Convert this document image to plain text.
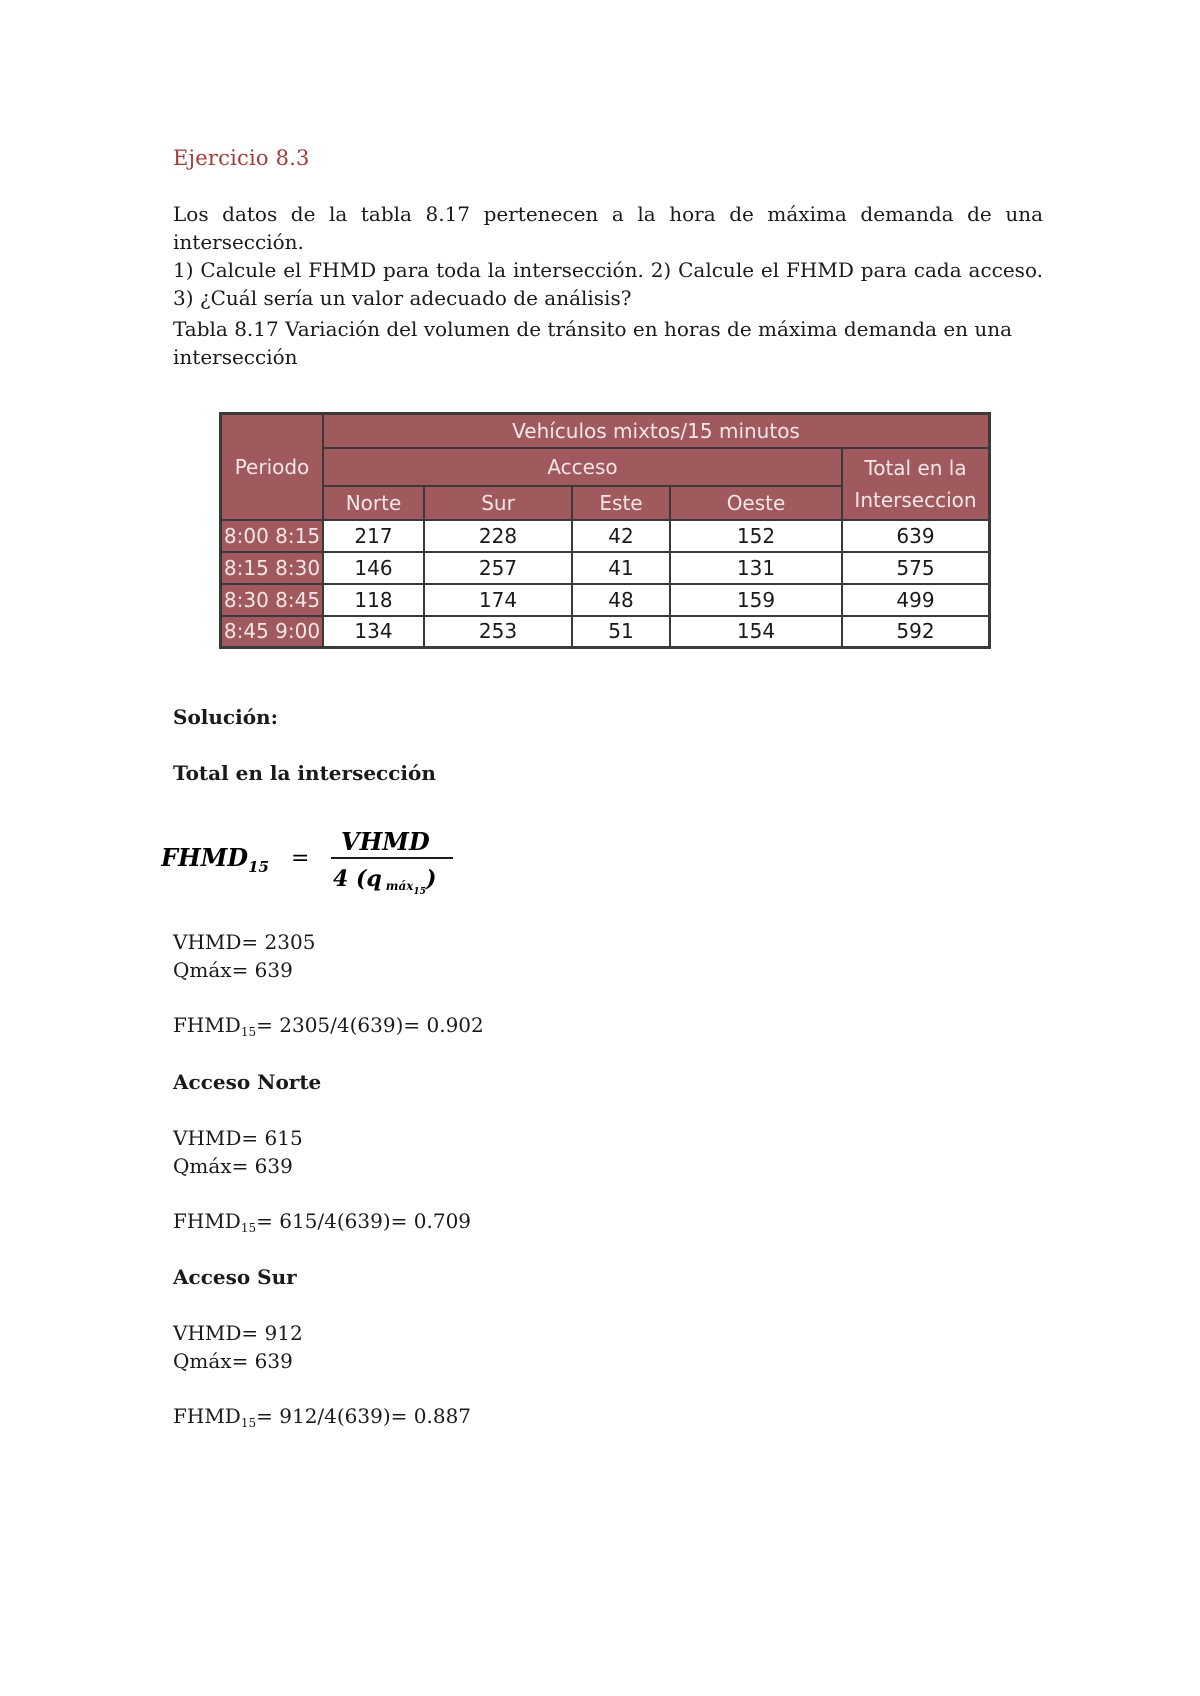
Ejercicio 8.3

Los datos de la tabla 8.17 pertenecen a la hora de máxima demanda de una intersección.

1) Calcule el FHMD para toda la intersección. 2) Calcule el FHMD para cada acceso.

3) ¿Cuál sería un valor adecuado de análisis?

Tabla 8.17 Variación del volumen de tránsito en horas de máxima demanda en una
intersección
Periodo	Vehículos mixtos/15 minutos				
	Acceso				Total en la
Interseccion

	Norte	Sur	Este	Oeste	
8:00 8:15	217	228	42	152	639
8:15 8:30	146	257	41	131	575
8:30 8:45	118	174	48	159	499
8:45 9:00	134	253	51	154	592
Solución:
Total en la intersección
$FHMD_{15}$ =
VHMD
4 (q máx15)
VHMD= 2305
Qmáx= 639
$FHMD_{15}= 2305/4(639)= 0.902$
Acceso Norte
VHMD= 615
Qmáx= 639
$FHMD_{15}= 615/4(639)= 0.709$
Acceso Sur
VHMD= 912
Qmáx= 639
$FHMD_{15}= 912/4(639)= 0.887$
